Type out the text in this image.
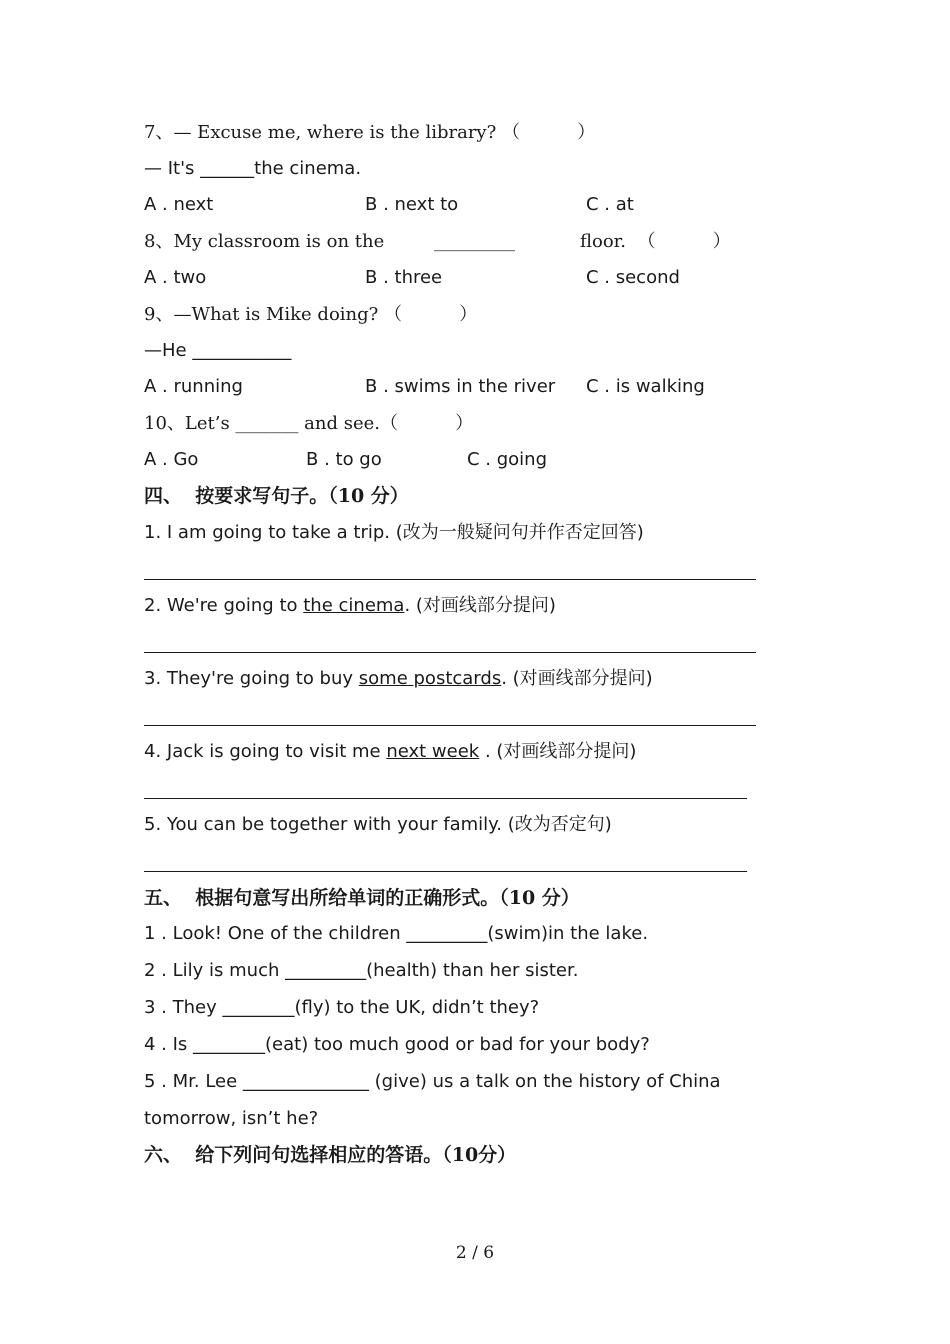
7、— Excuse me, where is the library? （          ）
— It's ______the cinema.
A . next	B . next to	C . at
8、My classroom is on the	_________	floor.  （          ）
A . two	B . three	C . second
9、—What is Mike doing? （          ）
—He ___________
A . running	B . swims in the river C . is walking
10、Let’s _______ and see.（          ）
A . Go	B . to go	C . going
四、  按要求写句子。（10 分）
1. I am going to take a trip. (改为一般疑问句并作否定回答)
2. We're going to the cinema. (对画线部分提问)
3. They're going to buy some postcards. (对画线部分提问)
4. Jack is going to visit me next week . (对画线部分提问)
5. You can be together with your family. (改为否定句)
五、  根据句意写出所给单词的正确形式。（10 分）
1 . Look! One of the children _________(swim)in the lake.
2 . Lily is much _________(health) than her sister.
3 . They ________(fly) to the UK, didn’t they?
4 . Is ________(eat) too much good or bad for your body?
5 . Mr. Lee ______________ (give) us a talk on the history of China
tomorrow, isn’t he?
六、  给下列问句选择相应的答语。（10分）
2 / 6
